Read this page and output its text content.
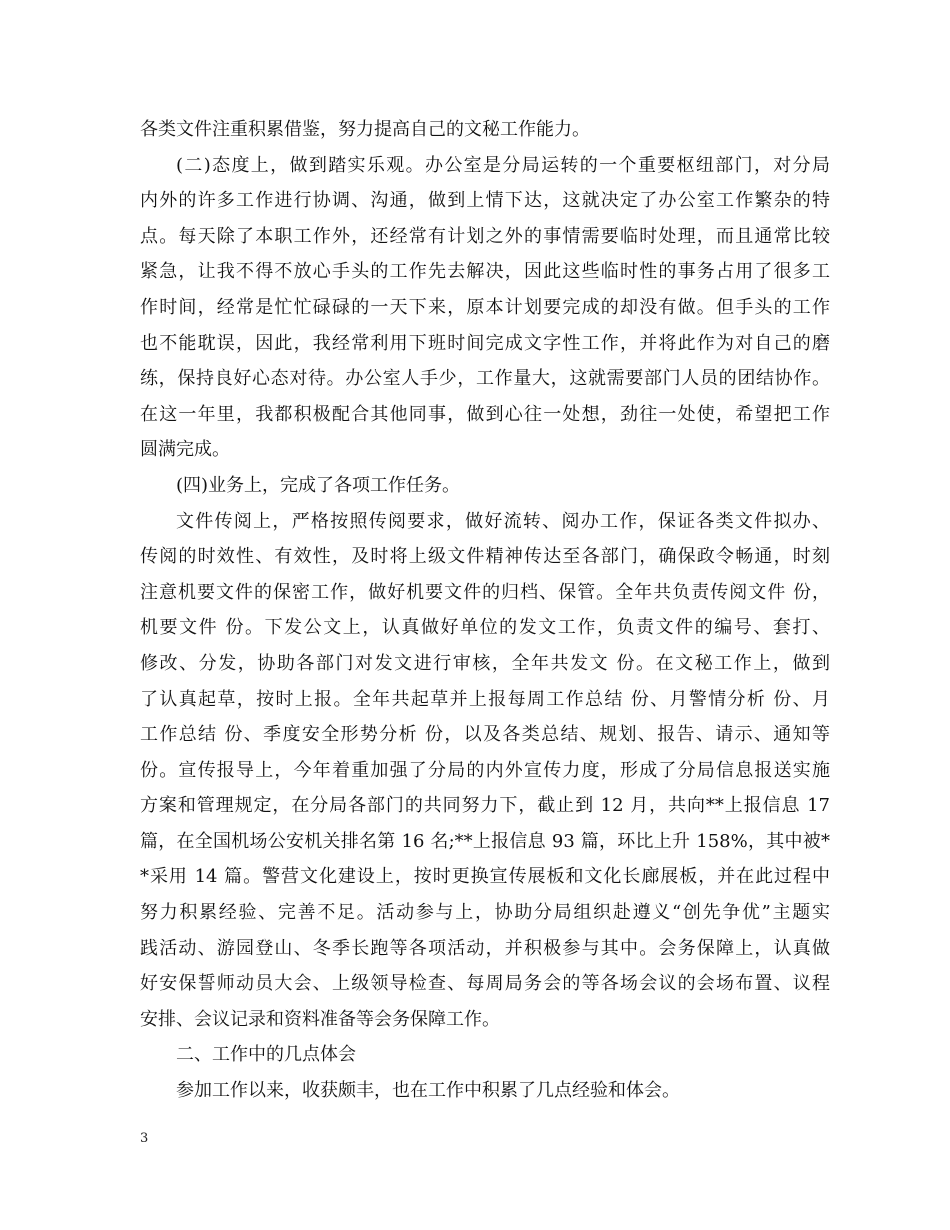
各类文件注重积累借鉴，努力提高自己的文秘工作能力。
(二)态度上，做到踏实乐观。办公室是分局运转的一个重要枢纽部门，对分局
内外的许多工作进行协调、沟通，做到上情下达，这就决定了办公室工作繁杂的特
点。每天除了本职工作外，还经常有计划之外的事情需要临时处理，而且通常比较
紧急，让我不得不放心手头的工作先去解决，因此这些临时性的事务占用了很多工
作时间，经常是忙忙碌碌的一天下来，原本计划要完成的却没有做。但手头的工作
也不能耽误，因此，我经常利用下班时间完成文字性工作，并将此作为对自己的磨
练，保持良好心态对待。办公室人手少，工作量大，这就需要部门人员的团结协作。
在这一年里，我都积极配合其他同事，做到心往一处想，劲往一处使，希望把工作
圆满完成。
(四)业务上，完成了各项工作任务。
文件传阅上，严格按照传阅要求，做好流转、阅办工作，保证各类文件拟办、
传阅的时效性、有效性，及时将上级文件精神传达至各部门，确保政令畅通，时刻
注意机要文件的保密工作，做好机要文件的归档、保管。全年共负责传阅文件 份，
机要文件 份。下发公文上，认真做好单位的发文工作，负责文件的编号、套打、
修改、分发，协助各部门对发文进行审核，全年共发文 份。在文秘工作上，做到
了认真起草，按时上报。全年共起草并上报每周工作总结 份、月警情分析 份、月
工作总结 份、季度安全形势分析 份，以及各类总结、规划、报告、请示、通知等
份。宣传报导上，今年着重加强了分局的内外宣传力度，形成了分局信息报送实施
方案和管理规定，在分局各部门的共同努力下，截止到 12 月，共向**上报信息 17
篇，在全国机场公安机关排名第 16 名;**上报信息 93 篇，环比上升 158%，其中被*
*采用 14 篇。警营文化建设上，按时更换宣传展板和文化长廊展板，并在此过程中
努力积累经验、完善不足。活动参与上，协助分局组织赴遵义“创先争优”主题实
践活动、游园登山、冬季长跑等各项活动，并积极参与其中。会务保障上，认真做
好安保誓师动员大会、上级领导检查、每周局务会的等各场会议的会场布置、议程
安排、会议记录和资料准备等会务保障工作。
二、工作中的几点体会
参加工作以来，收获颇丰，也在工作中积累了几点经验和体会。
3
